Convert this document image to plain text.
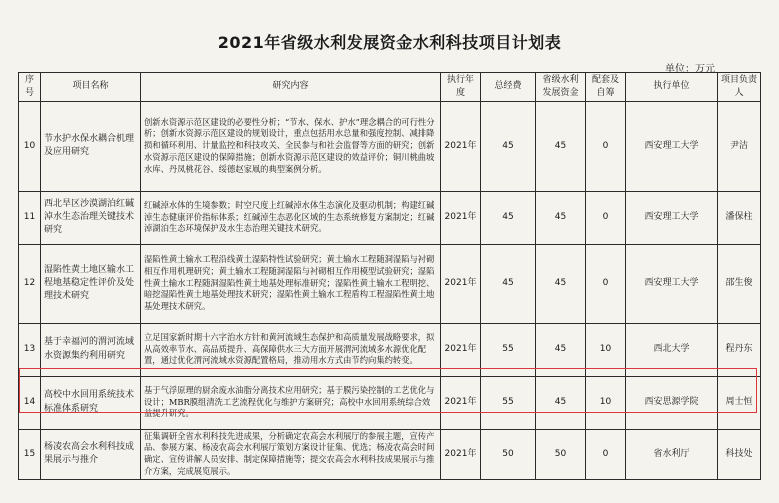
2021年省级水利发展资金水利科技项目计划表
单位：万元
序号	项目名称	研究内容	执行年度	总经费	省级水利发展资金	配套及自筹	执行单位	项目负责人
10	节水护水保水耦合机理及应用研究	创新水资源示范区建设的必要性分析；“节水、保水、护水”理念耦合的可行性分析；创新水资源示范区建设的规划设计，重点包括用水总量和强度控制、减排降损和循环利用、计量监控和科技攻关、全民参与和社会监督等方面的研究；创新水资源示范区建设的保障措施；创新水资源示范区建设的效益评价；铜川桃曲坡水库、丹凤桃花谷、绥德赵家凧的典型案例分析。	2021年	45	45	0	西安理工大学	尹洁
11	西北旱区沙漠湖泊红碱淖水生态治理关键技术研究	红碱淖水体的生境参数；时空尺度上红碱淖水体生态演化及驱动机制；构建红碱淖生态健康评价指标体系；红碱淖生态恶化区域的生态系统修复方案制定；红碱淖湖泊生态环境保护及水生态治理关键技术研究。	2021年	45	45	0	西安理工大学	潘保柱
12	湿陷性黄土地区输水工程地基稳定性评价及处理技术研究	湿陷性黄土输水工程沿线黄土湿陷特性试验研究；黄土输水工程随洞湿陷与衬砌相互作用机理研究；黄土输水工程随洞湿陷与衬砌相互作用模型试验研究；湿陷性黄土输水工程随洞湿陷性黄土地基处理标准研究；湿陷性黄土输水工程明挖、暗挖湿陷性黄土地基处理技术研究；湿陷性黄土输水工程盾构工程湿陷性黄土地基处理技术研究。	2021年	45	45	0	西安理工大学	邵生俊
13	基于幸福河的渭河流域水资源集约利用研究	立足国家新时期十六字治水方针和黄河流域生态保护和高质量发展战略要求，拟从高效率节水、高品质提升、高保障供水三大方面开展渭河流域多水源优化配置，通过优化渭河流域水资源配置格局，推动用水方式由节约向集约转变。	2021年	55	45	10	西北大学	程丹东
14	高校中水回用系统技术标准体系研究	基于气浮原理的厨余废水油脂分离技术应用研究；基于膜污染控制的工艺优化与设计；MBR膜组清洗工艺流程优化与维护方案研究；高校中水回用系统综合效益提升研究。	2021年	55	45	10	西安思源学院	周士恒
15	杨凌农高会水利科技成果展示与推介	征集调研全省水利科技先进成果，分析确定农高会水利展厅的参展主题，宣传产品、参展方案、杨凌农高会水利展厅策划方案设计征集、优选；杨凌农高会时间确定、宣传讲解人员安排、制定保障措施等；提交农高会水利科技成果展示与推介方案，完成展览展示。	2021年	50	50	0	省水利厅	科技处
